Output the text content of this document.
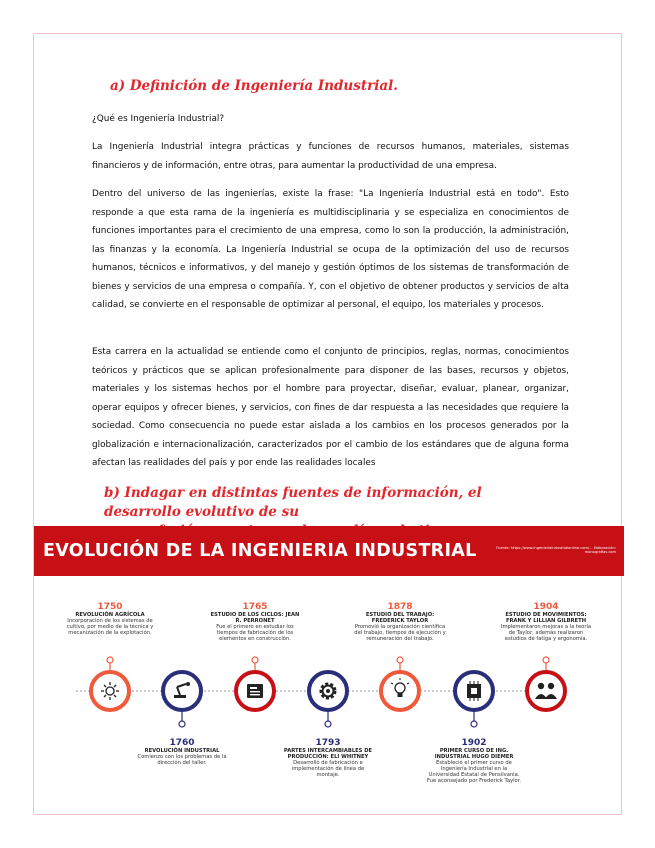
a) Definición de Ingeniería Industrial.

¿Qué es Ingeniería Industrial?

La Ingeniería Industrial integra prácticas y funciones de recursos humanos, materiales, sistemas financieros y de información, entre otras, para aumentar la productividad de una empresa.

Dentro del universo de las ingenierías, existe la frase: "La Ingeniería Industrial está en todo". Esto responde a que esta rama de la ingeniería es multidisciplinaria y se especializa en conocimientos de funciones importantes para el crecimiento de una empresa, como lo son la producción, la administración, las finanzas y la economía. La Ingeniería Industrial se ocupa de la optimización del uso de recursos humanos, técnicos e informativos, y del manejo y gestión óptimos de los sistemas de transformación de bienes y servicios de una empresa o compañía. Y, con el objetivo de obtener productos y servicios de alta calidad, se convierte en el responsable de optimizar al personal, el equipo, los materiales y procesos.

Esta carrera en la actualidad se entiende como el conjunto de principios, reglas, normas, conocimientos teóricos y prácticos que se aplican profesionalmente para disponer de las bases, recursos y objetos, materiales y los sistemas hechos por el hombre para proyectar, diseñar, evaluar, planear, organizar, operar equipos y ofrecer bienes, y servicios, con fines de dar respuesta a las necesidades que requiere la sociedad. Como consecuencia no puede estar aislada a los cambios en los procesos generados por la globalización e internacionalización, caracterizados por el cambio de los estándares que de alguna forma afectan las realidades del país y por ende las realidades locales

b) Indagar en distintas fuentes de información, el desarrollo evolutivo de su
EVOLUCIÓN DE LA INGENIERIA INDUSTRIAL	Fuente: https://www.ingenieriaindustrialonline.com/... Elaboración: monografias.com
1750
REVOLUCIÓN AGRÍCOLA
Incorporación de los sistemas de cultivo, por medio de la técnica y mecanización de la explotación.
1765
ESTUDIO DE LOS CICLOS: JEAN R. PERRONET
Fue el primero en estudiar los tiempos de fabricación de los elementos en construcción.
1878
ESTUDIO DEL TRABAJO: FREDERICK TAYLOR
Promovió la organización científica del trabajo, tiempos de ejecución y remuneración del trabajo.
1904
ESTUDIO DE MOVIMIENTOS: FRANK Y LILLIAN GILBRETH
Implementaron mejoras a la teoría de Taylor, además realizaron estudios de fatiga y ergonomía.
1760
REVOLUCIÓN INDUSTRIAL
Comienzo con los problemas de la dirección del taller.
1793
PARTES INTERCAMBIABLES DE PRODUCCIÓN: ELI WHITNEY
Desarrolló de fabricación e implementación de línea de montaje.
1902
PRIMER CURSO DE ING. INDUSTRIAL HUGO DIEMER
Estableció el primer curso de Ingeniería Industrial en la Universidad Estatal de Pensilvania. Fue aconsejado por Frederick Taylor.
